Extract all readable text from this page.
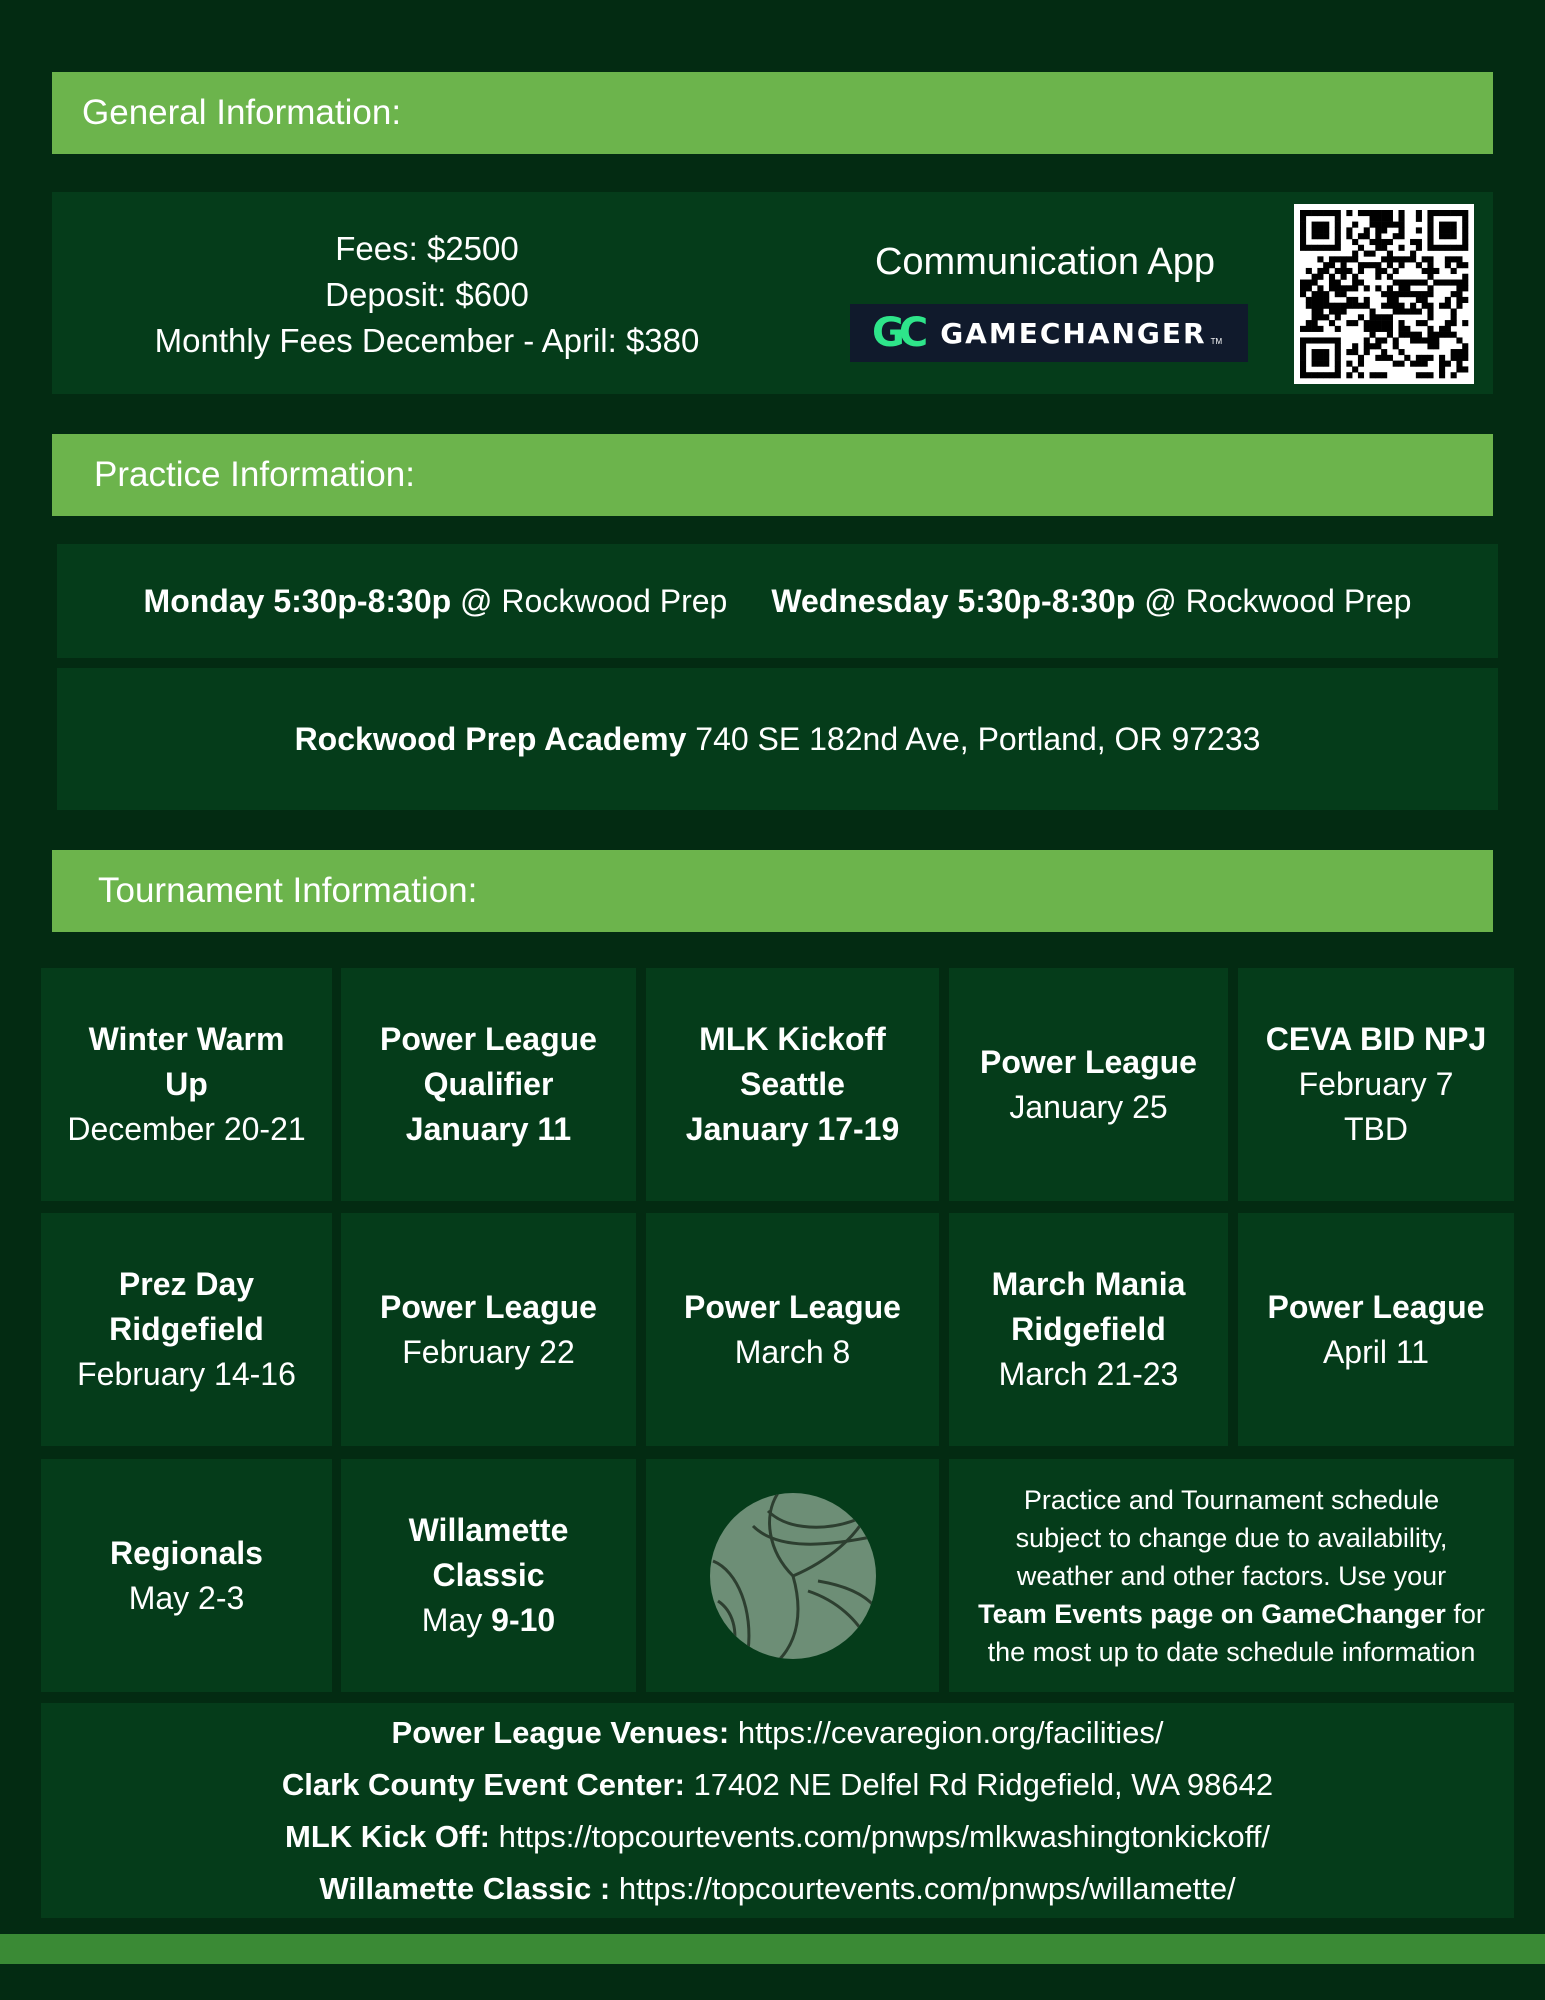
General Information:
Fees: $2500
Deposit: $600
Monthly Fees December - April: $380
Communication App
GC GAMECHANGER TM
Practice Information:
Monday 5:30p-8:30p @ Rockwood Prep Wednesday 5:30p-8:30p @ Rockwood Prep
Rockwood Prep Academy 740 SE 182nd Ave, Portland, OR 97233
Tournament Information:
Winter Warm
Up
December 20-21
Power League
Qualifier
January 11
MLK Kickoff
Seattle
January 17-19
Power League
January 25
CEVA BID NPJ
February 7
TBD
Prez Day
Ridgefield
February 14-16
Power League
February 22
Power League
March 8
March Mania
Ridgefield
March 21-23
Power League
April 11
Regionals
May 2-3
Willamette
Classic
May 9-10
Practice and Tournament schedule
subject to change due to availability,
weather and other factors. Use your
Team Events page on GameChanger for
the most up to date schedule information
Power League Venues: https://cevaregion.org/facilities/
Clark County Event Center: 17402 NE Delfel Rd Ridgefield, WA 98642
MLK Kick Off: https://topcourtevents.com/pnwps/mlkwashingtonkickoff/
Willamette Classic : https://topcourtevents.com/pnwps/willamette/
